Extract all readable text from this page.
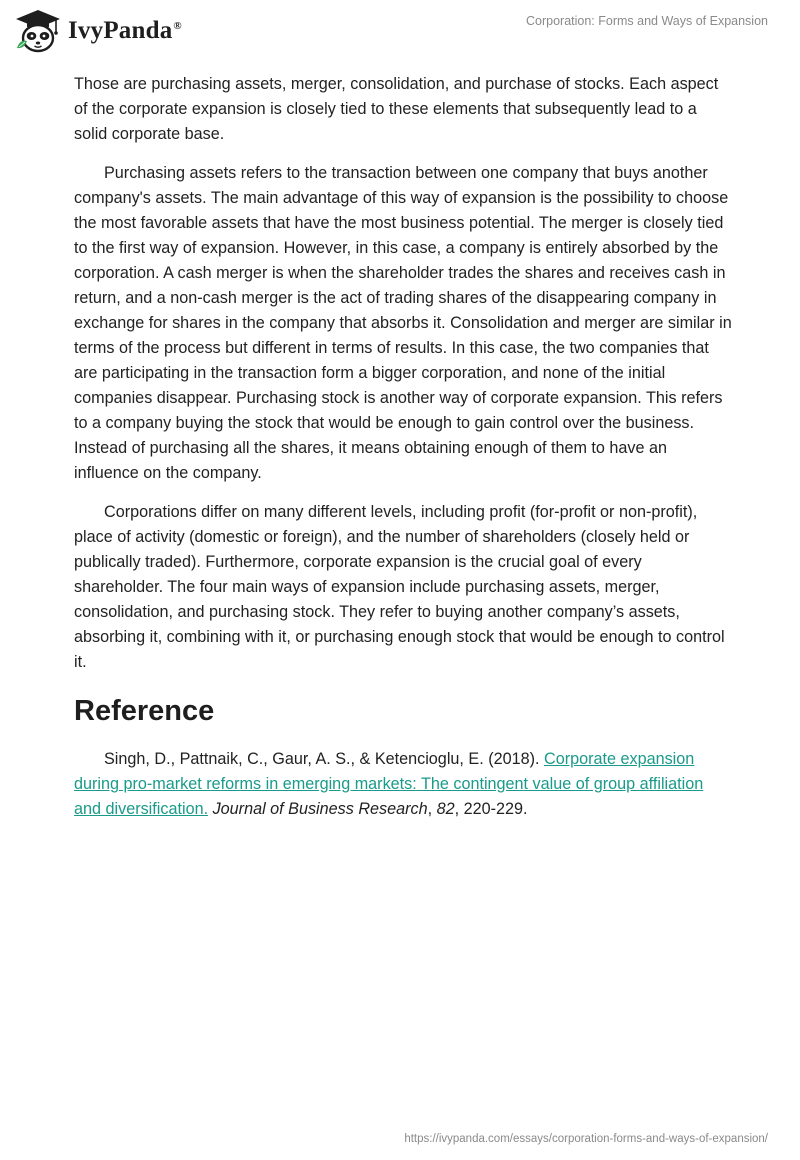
IvyPanda®	Corporation: Forms and Ways of Expansion

Those are purchasing assets, merger, consolidation, and purchase of stocks. Each aspect of the corporate expansion is closely tied to these elements that subsequently lead to a solid corporate base.

Purchasing assets refers to the transaction between one company that buys another company's assets. The main advantage of this way of expansion is the possibility to choose the most favorable assets that have the most business potential. The merger is closely tied to the first way of expansion. However, in this case, a company is entirely absorbed by the corporation. A cash merger is when the shareholder trades the shares and receives cash in return, and a non-cash merger is the act of trading shares of the disappearing company in exchange for shares in the company that absorbs it. Consolidation and merger are similar in terms of the process but different in terms of results. In this case, the two companies that are participating in the transaction form a bigger corporation, and none of the initial companies disappear. Purchasing stock is another way of corporate expansion. This refers to a company buying the stock that would be enough to gain control over the business. Instead of purchasing all the shares, it means obtaining enough of them to have an influence on the company.

Corporations differ on many different levels, including profit (for-profit or non-profit), place of activity (domestic or foreign), and the number of shareholders (closely held or publically traded). Furthermore, corporate expansion is the crucial goal of every shareholder. The four main ways of expansion include purchasing assets, merger, consolidation, and purchasing stock. They refer to buying another company’s assets, absorbing it, combining with it, or purchasing enough stock that would be enough to control it.

Reference

Singh, D., Pattnaik, C., Gaur, A. S., & Ketencioglu, E. (2018). Corporate expansion during pro-market reforms in emerging markets: The contingent value of group affiliation and diversification. Journal of Business Research, 82, 220-229.

https://ivypanda.com/essays/corporation-forms-and-ways-of-expansion/
